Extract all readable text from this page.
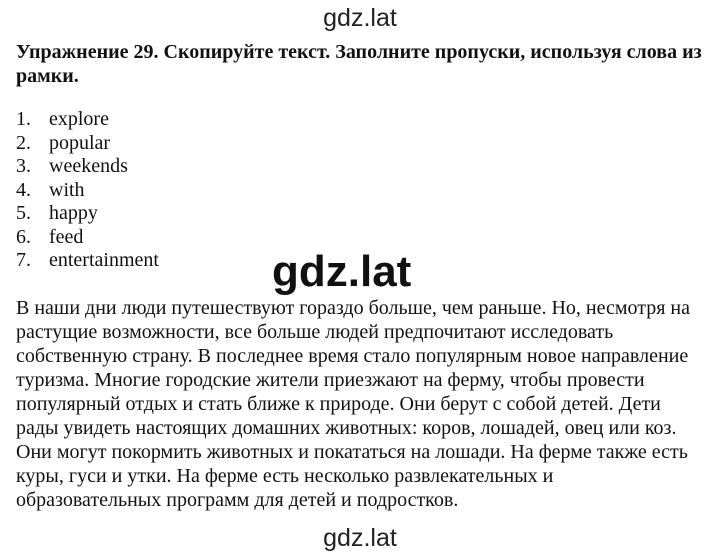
gdz.lat
Упражнение 29. Скопируйте текст. Заполните пропуски, используя слова из рамки.
1. explore
2. popular
3. weekends
4. with
5. happy
6. feed
7. entertainment	gdz.lat

В наши дни люди путешествуют гораздо больше, чем раньше. Но, несмотря на
растущие возможности, все больше людей предпочитают исследовать
собственную страну. В последнее время стало популярным новое направление
туризма. Многие городские жители приезжают на ферму, чтобы провести
популярный отдых и стать ближе к природе. Они берут с собой детей. Дети
рады увидеть настоящих домашних животных: коров, лошадей, овец или коз.
Они могут покормить животных и покататься на лошади. На ферме также есть
куры, гуси и утки. На ферме есть несколько развлекательных и
образовательных программ для детей и подростков.

gdz.lat
